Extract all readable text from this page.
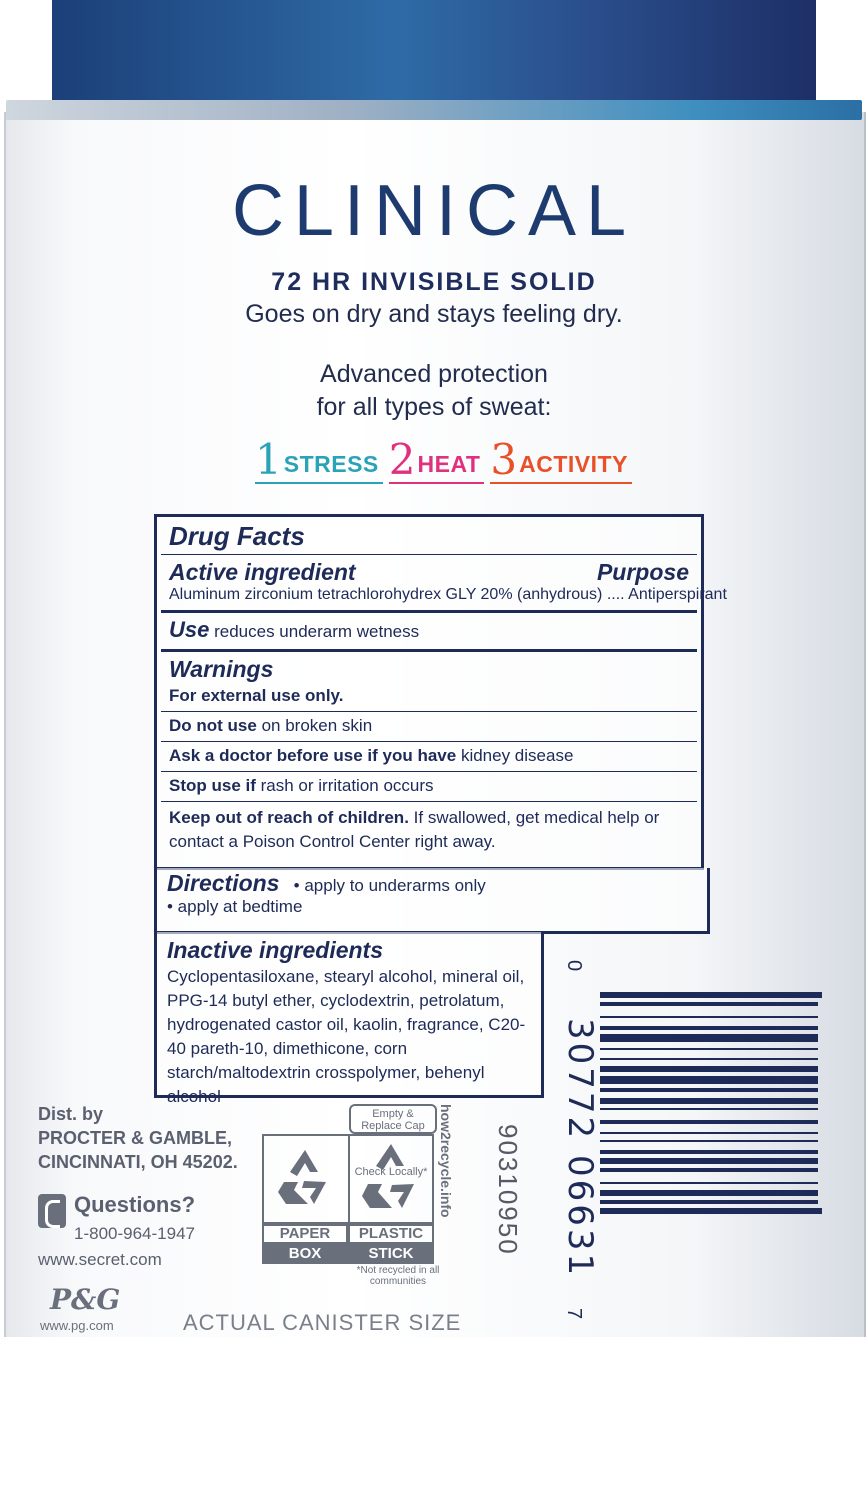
CLINICAL
72 HR INVISIBLE SOLID
Goes on dry and stays feeling dry.
Advanced protection
for all types of sweat:
1 STRESS 2 HEAT 3 ACTIVITY
Drug Facts
Active ingredient	Purpose
Aluminum zirconium tetrachlorohydrex GLY 20% (anhydrous) .... Antiperspirant
Use reduces underarm wetness
Warnings
For external use only.
Do not use on broken skin
Ask a doctor before use if you have kidney disease
Stop use if rash or irritation occurs
Keep out of reach of children. If swallowed, get medical help or contact a Poison Control Center right away.
Directions • apply to underarms only
• apply at bedtime
Inactive ingredients Cyclopentasiloxane, stearyl alcohol, mineral oil, PPG-14 butyl ether, cyclodextrin, petrolatum, hydrogenated castor oil, kaolin, fragrance, C20-40 pareth-10, dimethicone, corn starch/maltodextrin crosspolymer, behenyl alcohol
Dist. by
PROCTER & GAMBLE,
CINCINNATI, OH 45202.
Questions?
1-800-964-1947
www.secret.com
P&G
www.pg.com	ACTUAL CANISTER SIZE
Empty & Replace Cap
Check Locally*
PAPER	PLASTIC
BOX	STICK
*Not recycled in all communities
how2recycle.info 90310950
0
30772 06631
7
